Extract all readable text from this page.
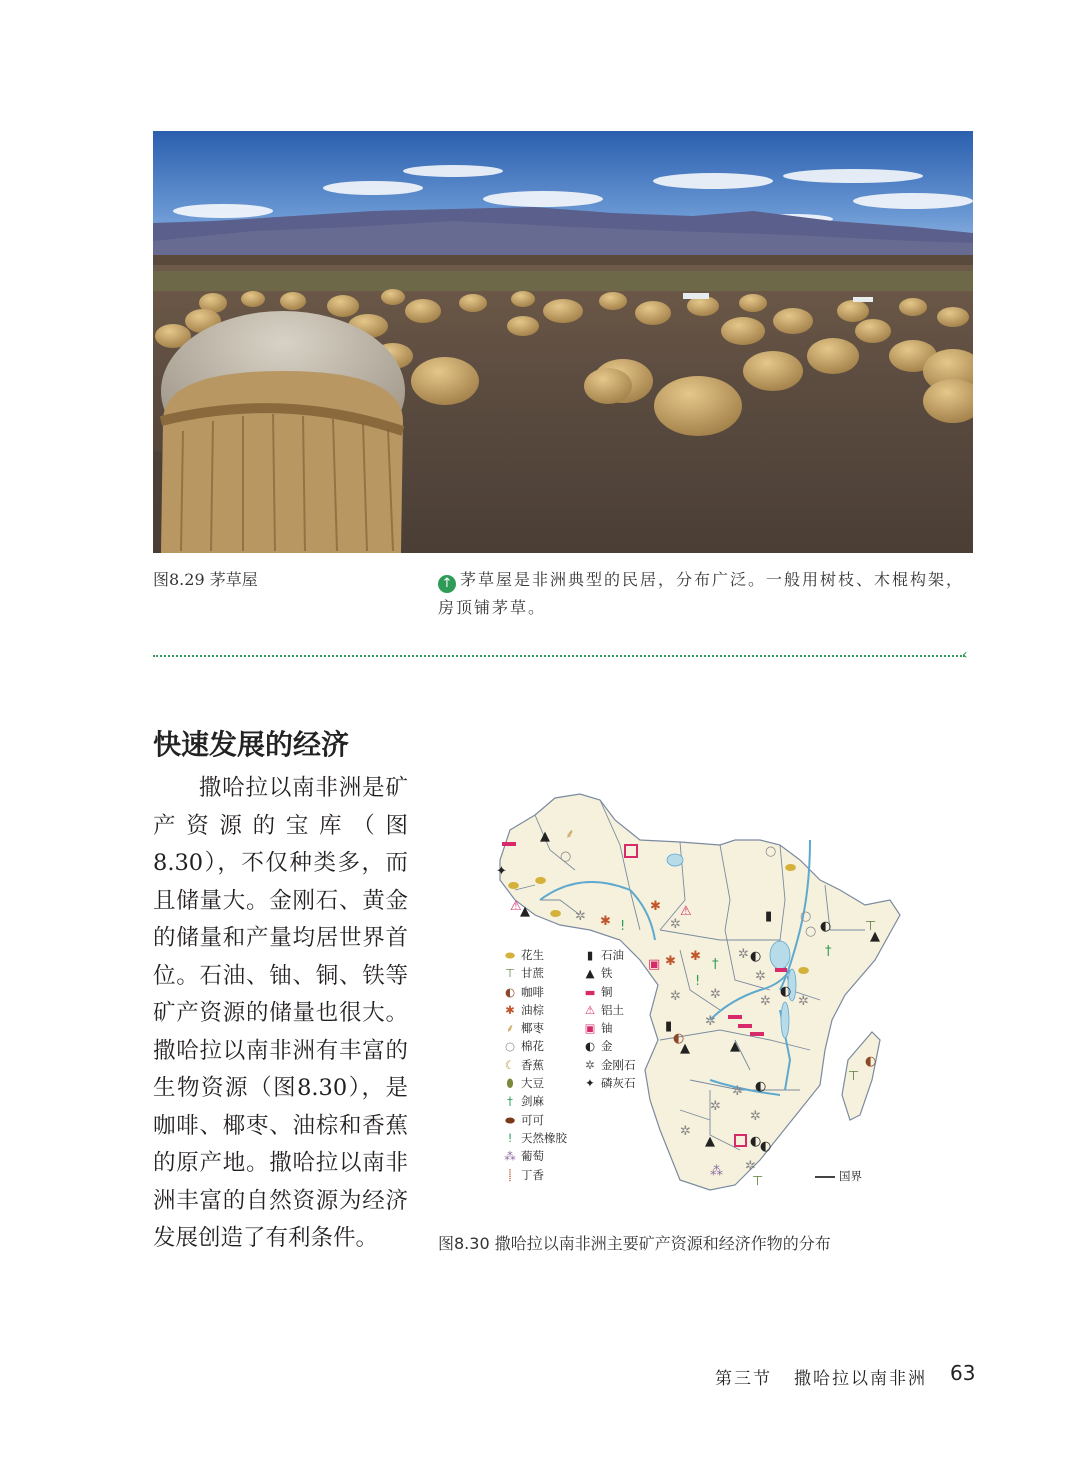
图8.29 茅草屋	↑ 茅草屋是非洲典型的民居，分布广泛。一般用树枝、木棍构架，房顶铺茅草。
‹
快速发展的经济
撒哈拉以南非洲是矿产资源的宝库（图8.30），不仅种类多，而且储量大。金刚石、黄金的储量和产量均居世界首位。石油、铀、铜、铁等矿产资源的储量也很大。撒哈拉以南非洲有丰富的生物资源（图8.30），是咖啡、椰枣、油棕和香蕉的原产地。撒哈拉以南非洲丰富的自然资源为经济发展创造了有利条件。
▲ ⸙
○
✦
⬬ ⬬
○
⬬
⚠
▲ ⬬ ✲ ✱ !
✱ ⚠
✲
▮
◐	⊤
▲
○
○
†
◐
✲
✲ ⬬
▣ ✱ ✱
†
!
✲ ✲	◐
✲
✲
▮
◐
▲
✲
▲
◐
✲
✲
✲
✲
▲	◐
◐
⁂ ✲
⊤
⊤
◐
⬬ 花生
⊤ 甘蔗
◐ 咖啡
✱ 油棕
⸙ 椰枣
○ 棉花
☾ 香蕉
⬮ 大豆
† 剑麻
⬬ 可可
! 天然橡胶
⁂ 葡萄
⸽ 丁香
▮ 石油
▲ 铁
▬ 铜
⚠ 铝土
▣ 铀
◐ 金
✲ 金刚石
✦ 磷灰石
国界
图8.30 撒哈拉以南非洲主要矿产资源和经济作物的分布
第三节 撒哈拉以南非洲 63
